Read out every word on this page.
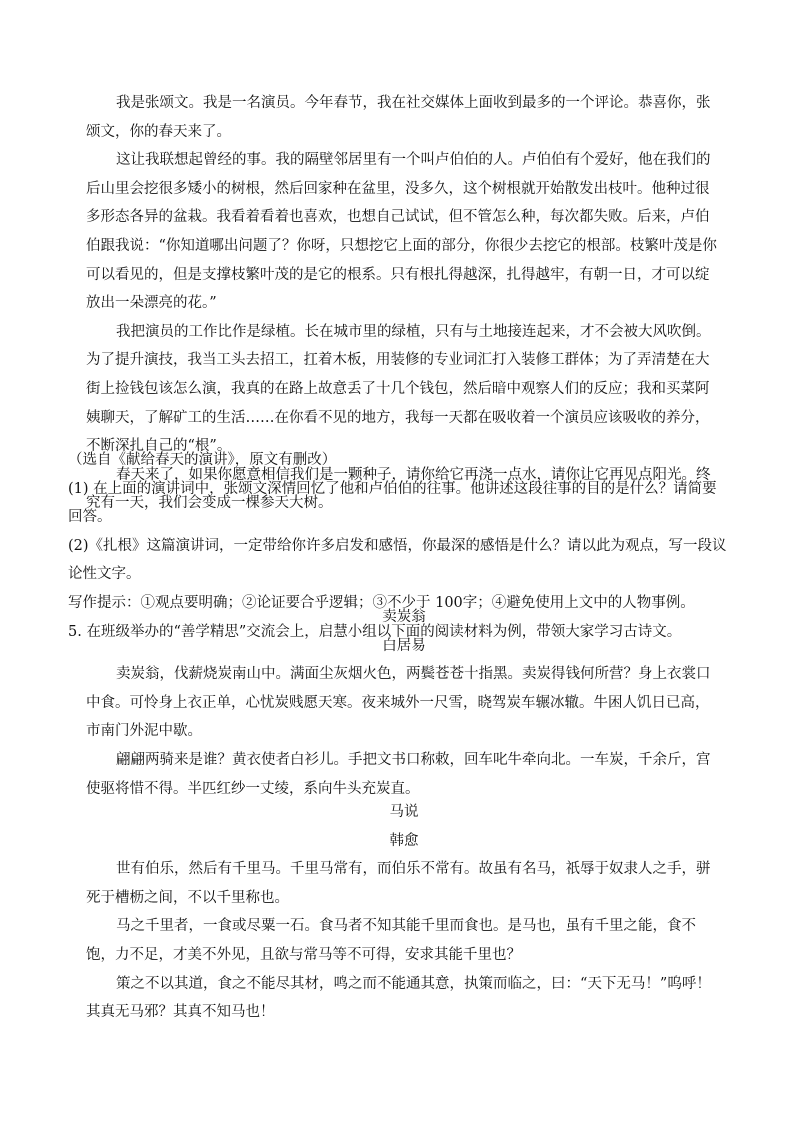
我是张颂文。我是一名演员。今年春节，我在社交媒体上面收到最多的一个评论。恭喜你，张颂文，你的春天来了。

这让我联想起曾经的事。我的隔壁邻居里有一个叫卢伯伯的人。卢伯伯有个爱好，他在我们的后山里会挖很多矮小的树根，然后回家种在盆里，没多久，这个树根就开始散发出枝叶。他种过很多形态各异的盆栽。我看着看着也喜欢，也想自己试试，但不管怎么种，每次都失败。后来，卢伯伯跟我说：“你知道哪出问题了？你呀，只想挖它上面的部分，你很少去挖它的根部。枝繁叶茂是你可以看见的，但是支撑枝繁叶茂的是它的根系。只有根扎得越深，扎得越牢，有朝一日，才可以绽放出一朵漂亮的花。”

我把演员的工作比作是绿植。长在城市里的绿植，只有与土地接连起来，才不会被大风吹倒。为了提升演技，我当工头去招工，扛着木板，用装修的专业词汇打入装修工群体；为了弄清楚在大街上捡钱包该怎么演，我真的在路上故意丢了十几个钱包，然后暗中观察人们的反应；我和买菜阿姨聊天，了解矿工的生活……在你看不见的地方，我每一天都在吸收着一个演员应该吸收的养分，不断深扎自己的“根”。

春天来了，如果你愿意相信我们是一颗种子，请你给它再浇一点水，请你让它再见点阳光。终究有一天，我们会变成一棵参天大树。

（选自《献给春天的演讲》，原文有删改）

(1) 在上面的演讲词中，张颂文深情回忆了他和卢伯伯的往事。他讲述这段往事的目的是什么？请简要回答。

(2)《扎根》这篇演讲词，一定带给你许多启发和感悟，你最深的感悟是什么？请以此为观点，写一段议论性文字。

写作提示：①观点要明确；②论证要合乎逻辑；③不少于 100字；④避免使用上文中的人物事例。

5. 在班级举办的“善学精思”交流会上，启慧小组以下面的阅读材料为例，带领大家学习古诗文。

卖炭翁

白居易

卖炭翁，伐薪烧炭南山中。满面尘灰烟火色，两鬓苍苍十指黑。卖炭得钱何所营？身上衣裳口中食。可怜身上衣正单，心忧炭贱愿天寒。夜来城外一尺雪，晓驾炭车辗冰辙。牛困人饥日已高，市南门外泥中歇。

翩翩两骑来是谁？黄衣使者白衫儿。手把文书口称敕，回车叱牛牵向北。一车炭，千余斤，宫使驱将惜不得。半匹红纱一丈绫，系向牛头充炭直。

马说

韩愈

世有伯乐，然后有千里马。千里马常有，而伯乐不常有。故虽有名马，祇辱于奴隶人之手，骈死于槽枥之间，不以千里称也。

马之千里者，一食或尽粟一石。食马者不知其能千里而食也。是马也，虽有千里之能，食不饱，力不足，才美不外见，且欲与常马等不可得，安求其能千里也？

策之不以其道，食之不能尽其材，鸣之而不能通其意，执策而临之，曰：“天下无马！”呜呼！其真无马邪？其真不知马也！
